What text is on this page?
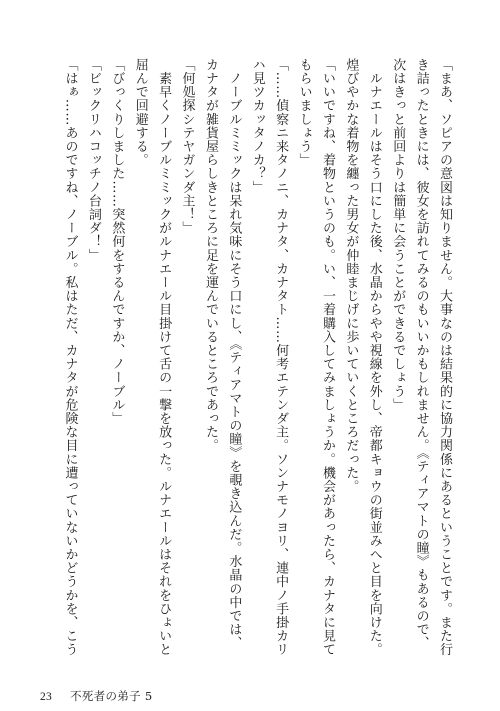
「まあ、ソピアの意図は知りません。大事なのは結果的に協力関係にあるということです。また行

き詰ったときには、彼女を訪れてみるのもいいかもしれません。《ティアマトの瞳》もあるので、

次はきっと前回よりは簡単に会うことができるでしょう」

　ルナエールはそう口にした後、水晶からやや視線を外し、帝都キョウの街並みへと目を向けた。

煌びやかな着物を纏った男女が仲睦まじげに歩いていくところだった。

「いいですね、着物というのも。い、一着購入してみましょうか。機会があったら、カナタに見て

もらいましょう」

「……偵察ニ来タノニ、カナタ、カナタト……何考エテンダ主。ソンナモノヨリ、連中ノ手掛カリ

ハ見ツカッタノカ？」

　ノーブルミミックは呆れ気味にそう口にし、《ティアマトの瞳》を覗き込んだ。水晶の中では、

カナタが雑貨屋らしきところに足を運んでいるところであった。

「何処探シテヤガンダ主！」

　素早くノーブルミミックがルナエール目掛けて舌の一撃を放った。ルナエールはそれをひょいと

屈んで回避する。

「びっくりしました……突然何をするんですか、ノーブル」

「ビックリハコッチノ台詞ダ！」

「はぁ……あのですね、ノーブル。私はただ、カナタが危険な目に遭っていないかどうかを、こう

23 不死者の弟子 5
